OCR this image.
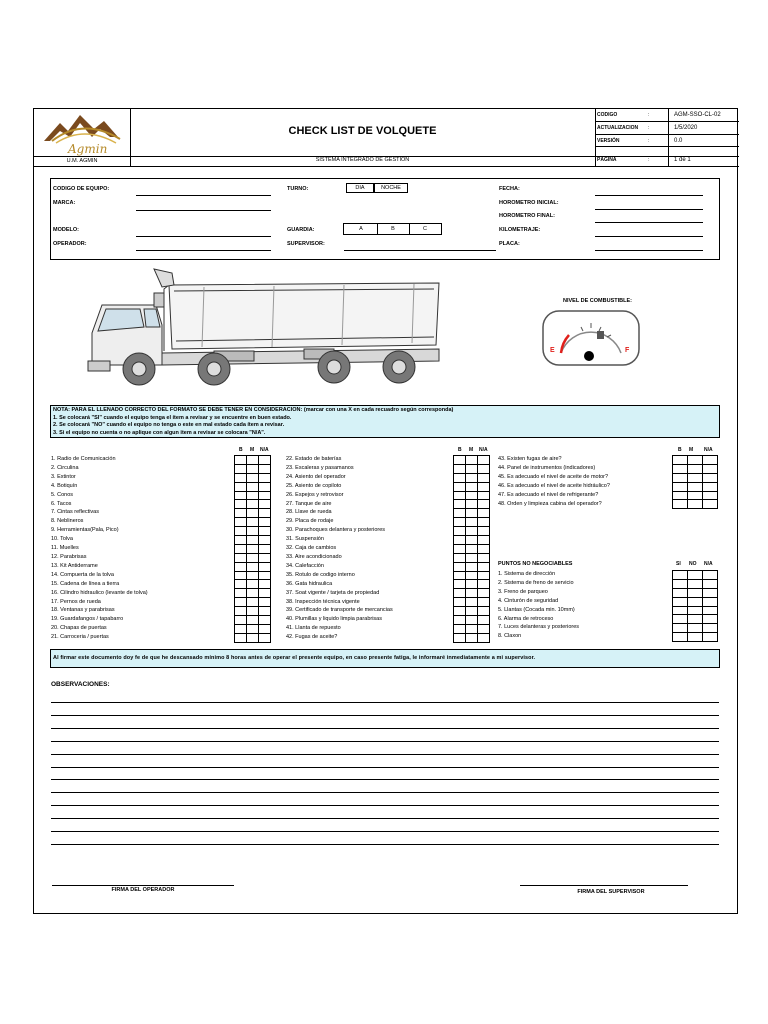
Agmin
U.M. AGMIN
CHECK LIST DE VOLQUETE
SISTEMA INTEGRADO DE GESTIÓN
CODIGO	:	AGM-SSO-CL-02
ACTUALIZACION :	1/5/2020
VERSIÓN	:	0.0
PÁGINA	:	1 de 1
CODIGO DE EQUIPO:
MARCA:
MODELO:
OPERADOR:
TURNO:	DIA	NOCHE
GUARDIA:	A	B	C
SUPERVISOR:
FECHA:
HOROMETRO INICIAL:
HOROMETRO FINAL:
KILOMETRAJE:
PLACA:
NIVEL DE COMBUSTIBLE:
E	F
NOTA: PARA EL LLENADO CORRECTO DEL FORMATO SE DEBE TENER EN CONSIDERACION: (marcar con una X en cada recuadro según corresponda)
1. Se colocará "SI" cuando el equipo tenga el ítem a revisar y se encuentre en buen estado.
2. Se colocará "NO" cuando el equipo no tenga o este en mal estado cada ítem a revisar.
3. Si el equipo no cuenta o no aplique con algun item a revisar se colocara "N/A".
B M N/A	B M N/A	B M N/A
1. Radio de Comunicación
2. Circulina
3. Extintor
4. Botiquín
5. Conos
6. Tacos
7. Cintas reflectivas
8. Neblineros
9. Herramientas(Pala, Pico)
10. Tolva
11. Muelles
12. Parabrisas
13. Kit Antiderrame
14. Compuerta de la tolva
15. Cadena de línea a tierra
16. Cilindro hidraulico (levante de tolva)
17. Pernos de rueda
18. Ventanas y parabrisas
19. Guardafangos / tapabarro
20. Chapas de puertas
21. Carroceria / puertas

22. Estado de baterías
23. Escaleras y pasamanos
24. Asiento del operador
25. Asiento de copiloto
26. Espejos y retrovisor
27. Tanque de aire
28. Llave de rueda
29. Placa de rodaje
30. Parachoques delantera y posteriores
31. Suspensión
32. Caja de cambios
33. Aire acondicionado
34. Calefacción
35. Rotulo de codigo interno
36. Gata hidraulica
37. Soat vigente / tarjeta de propiedad
38. Inspección técnica vigente
39. Certificado de transporte de mercancias
40. Plumillas y liquido limpia parabrisas
41. Llanta de repuesto
42. Fugas de aceite?

43. Existen fugas de aire?
44. Panel de instrumentos (indicadores)
45. Es adecuado el nivel de aceite de motor?
46. Es adecuado el nivel de aceite hidráulico?
47. Es adecuado el nivel de refrigerante?
48. Orden y limpieza cabina del operador?

PUNTOS NO NEGOCIABLES	SI NO N/A
1. Sistema de dirección
2. Sistema de freno de servicio
3. Freno de parqueo
4. Cinturón de seguridad
5. Llantas (Cocada min. 10mm)
6. Alarma de retroceso
7. Luces delanteras y posteriores
8. Claxon

Al firmar este documento doy fe de que he descansado mínimo 8 horas antes de operar el presente equipo, en caso presente fatiga, le informaré inmediatamente a mi supervisor.
OBSERVACIONES:
FIRMA DEL OPERADOR	FIRMA DEL SUPERVISOR
